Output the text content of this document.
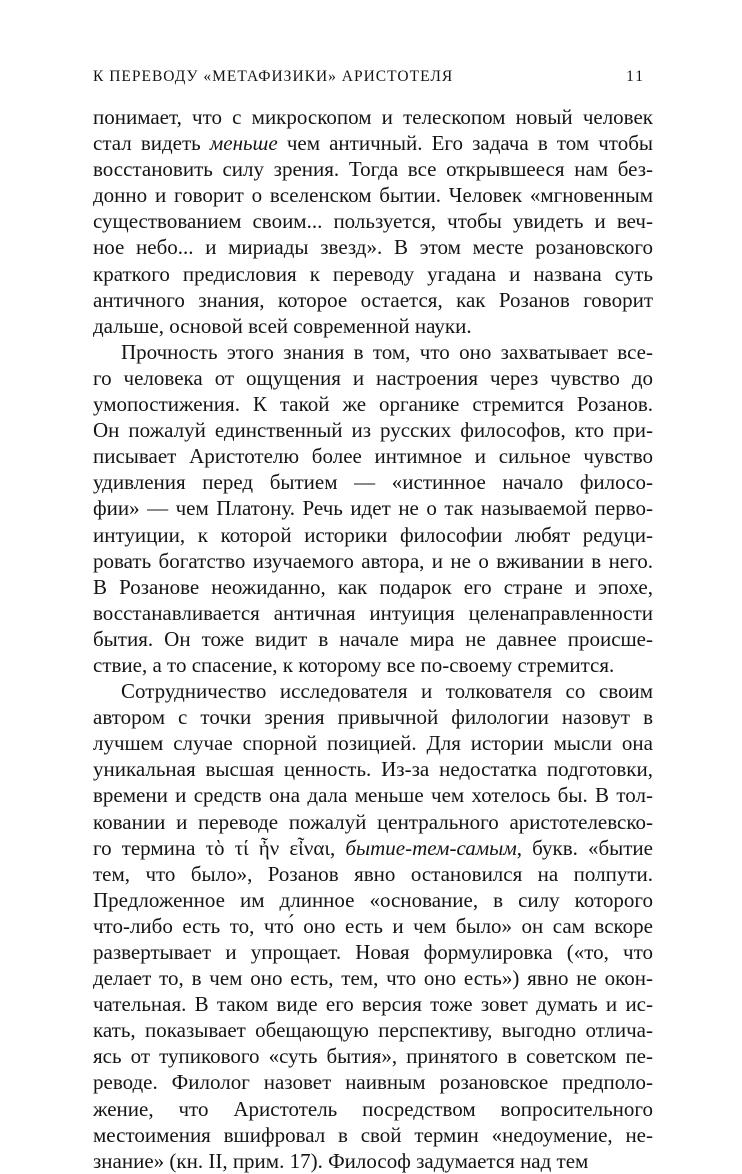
К ПЕРЕВОДУ «МЕТАФИЗИКИ» АРИСТОТЕЛЯ	11
понимает, что с микроскопом и телескопом новый человек
стал видеть меньше чем античный. Его задача в том чтобы
восстановить силу зрения. Тогда все открывшееся нам без-
донно и говорит о вселенском бытии. Человек «мгновенным
существованием своим... пользуется, чтобы увидеть и веч-
ное небо... и мириады звезд». В этом месте розановского
краткого предисловия к переводу угадана и названа суть
античного знания, которое остается, как Розанов говорит
дальше, основой всей современной науки.
Прочность этого знания в том, что оно захватывает все-
го человека от ощущения и настроения через чувство до
умопостижения. К такой же органике стремится Розанов.
Он пожалуй единственный из русских философов, кто при-
писывает Аристотелю более интимное и сильное чувство
удивления перед бытием — «истинное начало филосо-
фии» — чем Платону. Речь идет не о так называемой перво-
интуиции, к которой историки философии любят редуци-
ровать богатство изучаемого автора, и не о вживании в него.
В Розанове неожиданно, как подарок его стране и эпохе,
восстанавливается античная интуиция целенаправленности
бытия. Он тоже видит в начале мира не давнее происше-
ствие, а то спасение, к которому все по-своему стремится.
Сотрудничество исследователя и толкователя со своим
автором с точки зрения привычной филологии назовут в
лучшем случае спорной позицией. Для истории мысли она
уникальная высшая ценность. Из-за недостатка подготовки,
времени и средств она дала меньше чем хотелось бы. В тол-
ковании и переводе пожалуй центрального аристотелевско-
го термина τὸ τί ἦν εἶναι, бытие-тем-самым, букв. «бытие
тем, что было», Розанов явно остановился на полпути.
Предложенное им длинное «основание, в силу которого
что-либо есть то, что́ оно есть и чем было» он сам вскоре
развертывает и упрощает. Новая формулировка («то, что
делает то, в чем оно есть, тем, что оно есть») явно не окон-
чательная. В таком виде его версия тоже зовет думать и ис-
кать, показывает обещающую перспективу, выгодно отлича-
ясь от тупикового «суть бытия», принятого в советском пе-
реводе. Филолог назовет наивным розановское предполо-
жение, что Аристотель посредством вопросительного
местоимения вшифровал в свой термин «недоумение, не-
знание» (кн. II, прим. 17). Философ задумается над тем
